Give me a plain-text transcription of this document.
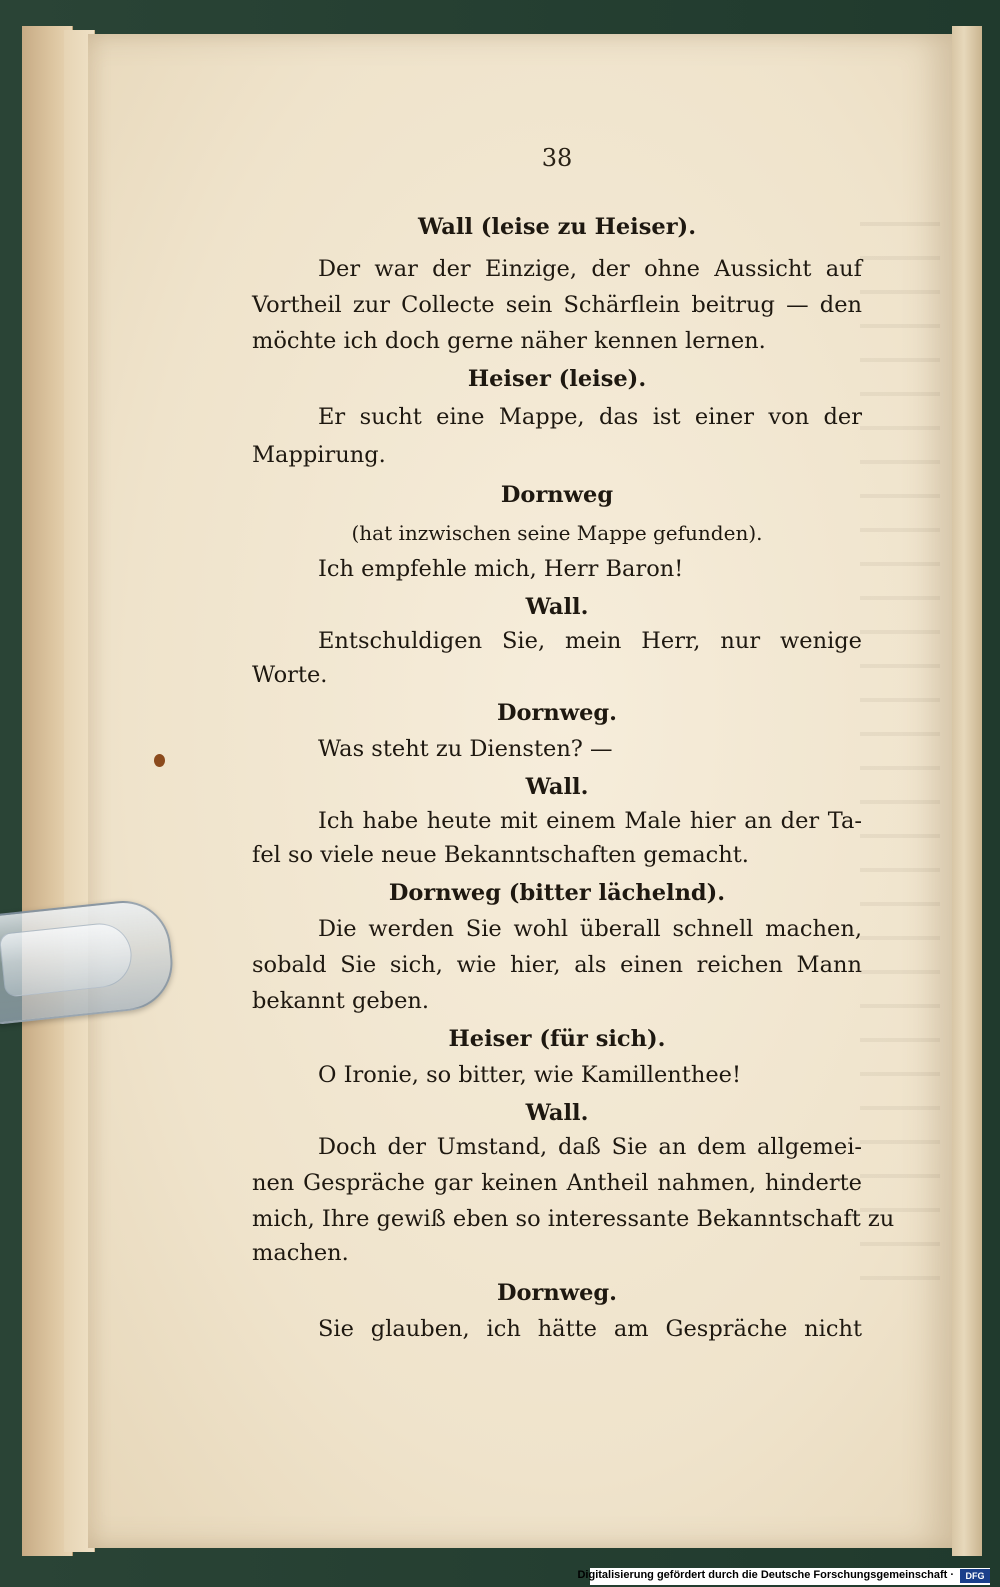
38
Wall (leise zu Heiser).
Der war der Einzige, der ohne Aussicht auf
Vortheil zur Collecte sein Schärflein beitrug — den
möchte ich doch gerne näher kennen lernen.
Heiser (leise).
Er sucht eine Mappe, das ist einer von der
Mappirung.
Dornweg
(hat inzwischen seine Mappe gefunden).
Ich empfehle mich, Herr Baron!
Wall.
Entschuldigen Sie, mein Herr, nur wenige
Worte.
Dornweg.
Was steht zu Diensten? —
Wall.
Ich habe heute mit einem Male hier an der Ta-
fel so viele neue Bekanntschaften gemacht.
Dornweg (bitter lächelnd).
Die werden Sie wohl überall schnell machen,
sobald Sie sich, wie hier, als einen reichen Mann
bekannt geben.
Heiser (für sich).
O Ironie, so bitter, wie Kamillenthee!
Wall.
Doch der Umstand, daß Sie an dem allgemei-
nen Gespräche gar keinen Antheil nahmen, hinderte
mich, Ihre gewiß eben so interessante Bekanntschaft zu
machen.
Dornweg.
Sie glauben, ich hätte am Gespräche nicht
Digitalisierung gefördert durch die Deutsche Forschungsgemeinschaft ·	DFG
